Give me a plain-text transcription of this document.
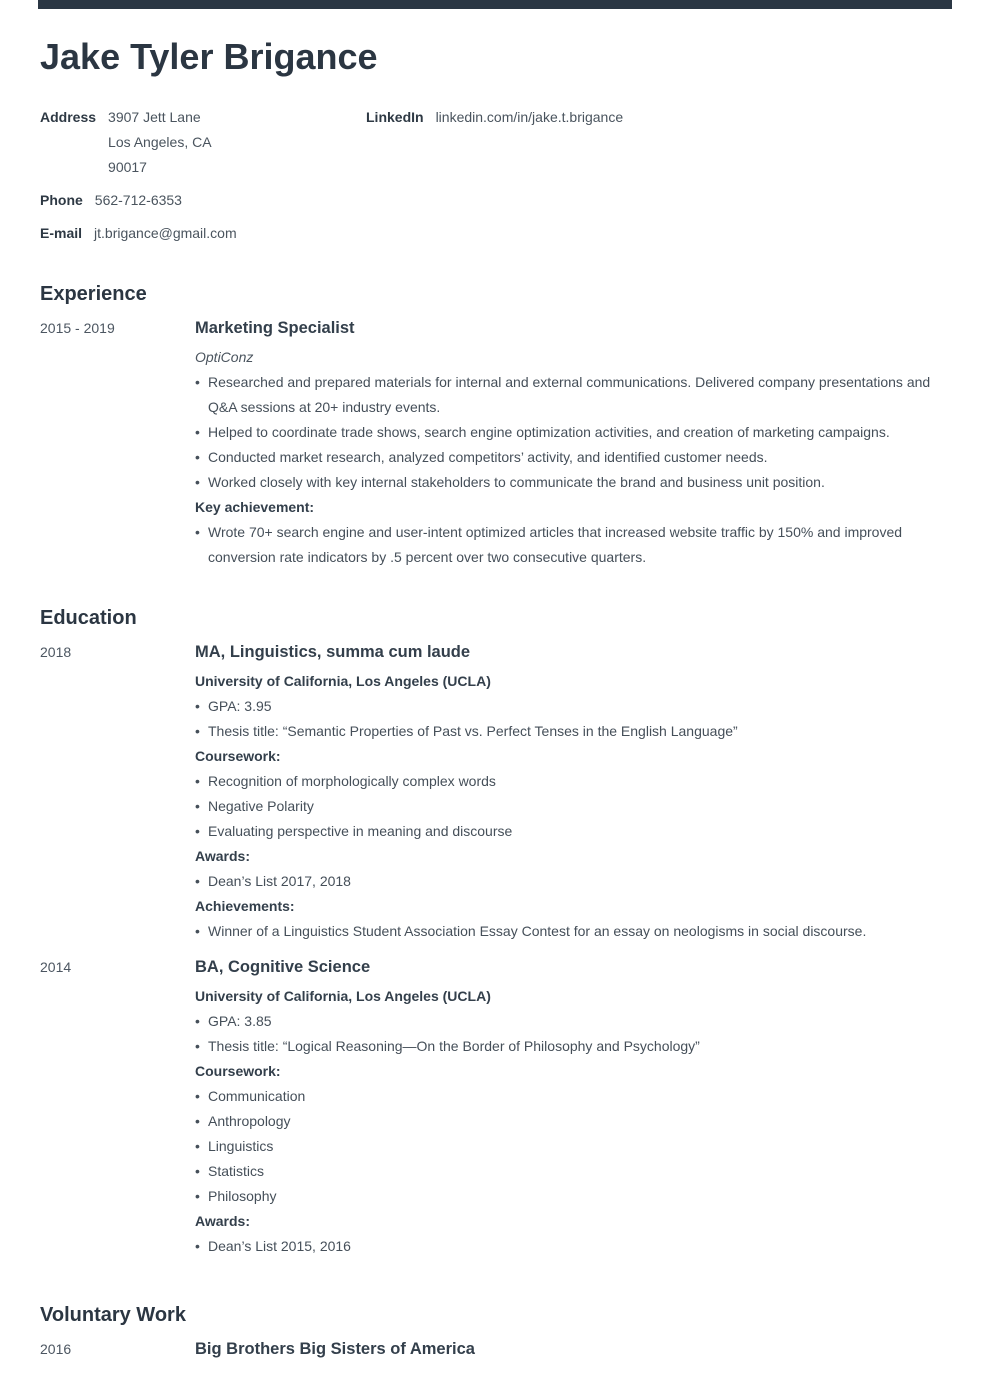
Jake Tyler Brigance
Address 3907 Jett Lane
Los Angeles, CA
90017
Phone 562-712-6353
E-mail jt.brigance@gmail.com
LinkedIn linkedin.com/in/jake.t.brigance
Experience
2015 - 2019	Marketing Specialist
OptiConz
• Researched and prepared materials for internal and external communications. Delivered company presentations and Q&A sessions at 20+ industry events.
• Helped to coordinate trade shows, search engine optimization activities, and creation of marketing campaigns.
• Conducted market research, analyzed competitors’ activity, and identified customer needs.
• Worked closely with key internal stakeholders to communicate the brand and business unit position.
Key achievement:
• Wrote 70+ search engine and user-intent optimized articles that increased website traffic by 150% and improved conversion rate indicators by .5 percent over two consecutive quarters.
Education
2018	MA, Linguistics, summa cum laude
University of California, Los Angeles (UCLA)
• GPA: 3.95
• Thesis title: “Semantic Properties of Past vs. Perfect Tenses in the English Language”
Coursework:
• Recognition of morphologically complex words
• Negative Polarity
• Evaluating perspective in meaning and discourse
Awards:
• Dean’s List 2017, 2018
Achievements:
• Winner of a Linguistics Student Association Essay Contest for an essay on neologisms in social discourse.
2014	BA, Cognitive Science
University of California, Los Angeles (UCLA)
• GPA: 3.85
• Thesis title: “Logical Reasoning—On the Border of Philosophy and Psychology”
Coursework:
• Communication
• Anthropology
• Linguistics
• Statistics
• Philosophy
Awards:
• Dean’s List 2015, 2016
Voluntary Work
2016	Big Brothers Big Sisters of America
